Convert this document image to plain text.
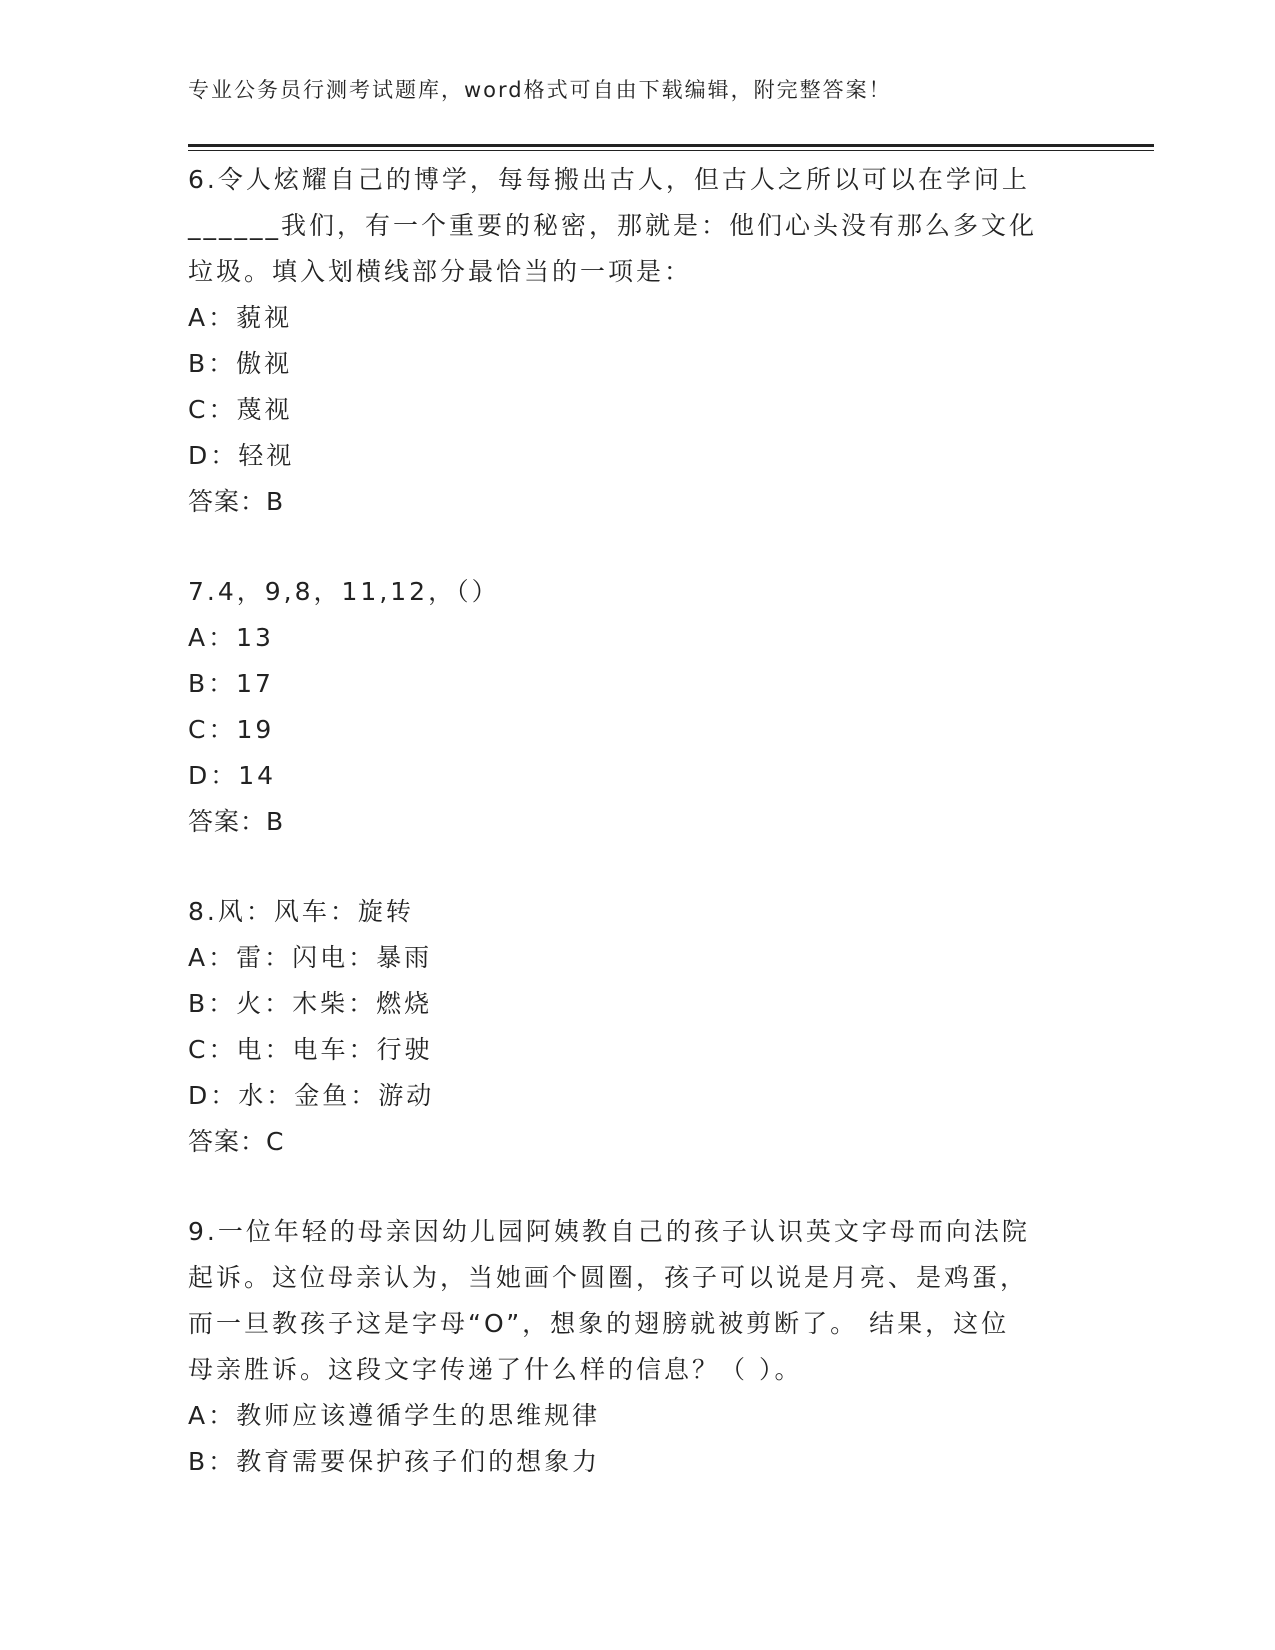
专业公务员行测考试题库，word格式可自由下载编辑，附完整答案！
6.令人炫耀自己的博学，每每搬出古人，但古人之所以可以在学问上
______我们，有一个重要的秘密，那就是：他们心头没有那么多文化
垃圾。填入划横线部分最恰当的一项是：
A：藐视
B：傲视
C：蔑视
D：轻视
答案：B
7.4，9,8，11,12，（）
A：13
B：17
C：19
D：14
答案：B
8.风：风车：旋转
A：雷：闪电：暴雨
B：火：木柴：燃烧
C：电：电车：行驶
D：水：金鱼：游动
答案：C
9.一位年轻的母亲因幼儿园阿姨教自己的孩子认识英文字母而向法院
起诉。这位母亲认为，当她画个圆圈，孩子可以说是月亮、是鸡蛋，
而一旦教孩子这是字母“O”，想象的翅膀就被剪断了。 结果，这位
母亲胜诉。这段文字传递了什么样的信息？（ ）。
A：教师应该遵循学生的思维规律
B：教育需要保护孩子们的想象力
